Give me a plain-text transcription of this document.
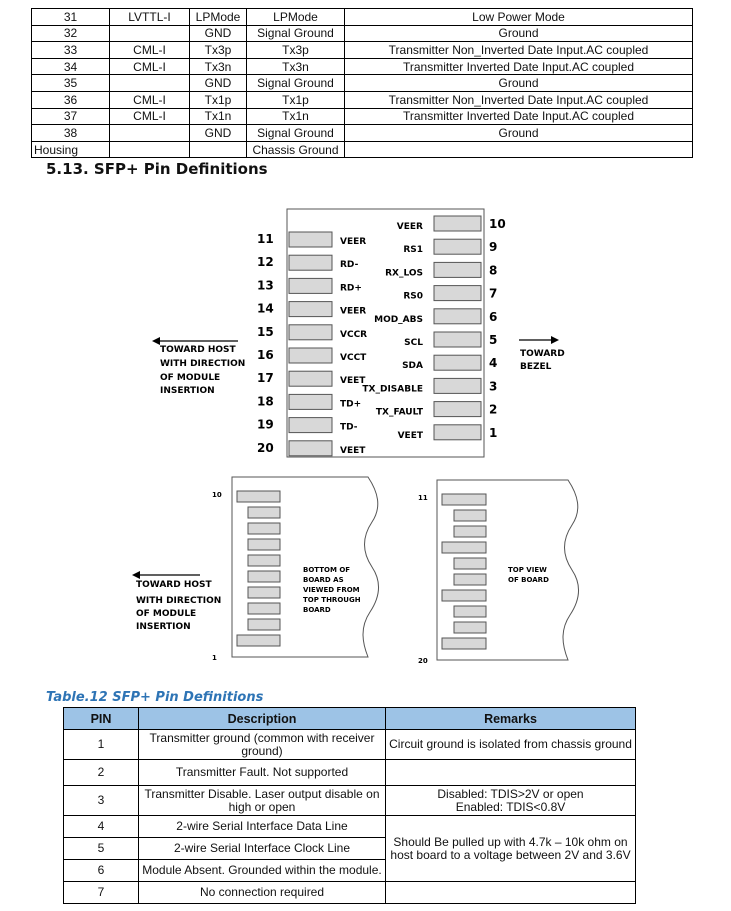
31	LVTTL-I	LPMode	LPMode	Low Power Mode
32		GND	Signal Ground	Ground
33	CML-I	Tx3p	Tx3p	Transmitter Non_Inverted Date Input.AC coupled
34	CML-I	Tx3n	Tx3n	Transmitter Inverted Date Input.AC coupled
35		GND	Signal Ground	Ground
36	CML-I	Tx1p	Tx1p	Transmitter Non_Inverted Date Input.AC coupled
37	CML-I	Tx1n	Tx1n	Transmitter Inverted Date Input.AC coupled
38		GND	Signal Ground	Ground
Housing			Chassis Ground	
5.13. SFP+ Pin Definitions
11	VEER
12	RD-
13	RD+
14	VEER
15	VCCR
16	VCCT
17	VEET
18	TD+
19	TD-
20	VEET
10
VEER
9
RS1
8
RX_LOS
7
RS0
6
MOD_ABS
5
SCL
4
SDA
3
TX_DISABLE
2
TX_FAULT
1
VEET
TOWARD HOST
WITH DIRECTION
OF MODULE
INSERTION
TOWARD
BEZEL
10
1
BOTTOM OF
BOARD AS
VIEWED FROM
TOP THROUGH
BOARD
11
20
TOP VIEW
OF BOARD
TOWARD HOST
WITH DIRECTION
OF MODULE
INSERTION

Table.12 SFP+ Pin Definitions

PIN	Description	Remarks
1	Transmitter ground (common with receiver ground)	Circuit ground is isolated from chassis ground
2	Transmitter Fault. Not supported	
3	Transmitter Disable. Laser output disable on high or open	Disabled: TDIS>2V or open
Enabled: TDIS<0.8V
4	2-wire Serial Interface Data Line	Should Be pulled up with 4.7k – 10k ohm on host board to a voltage between 2V and 3.6V
5	2-wire Serial Interface Clock Line	
6	Module Absent. Grounded within the module.	
7	No connection required	
